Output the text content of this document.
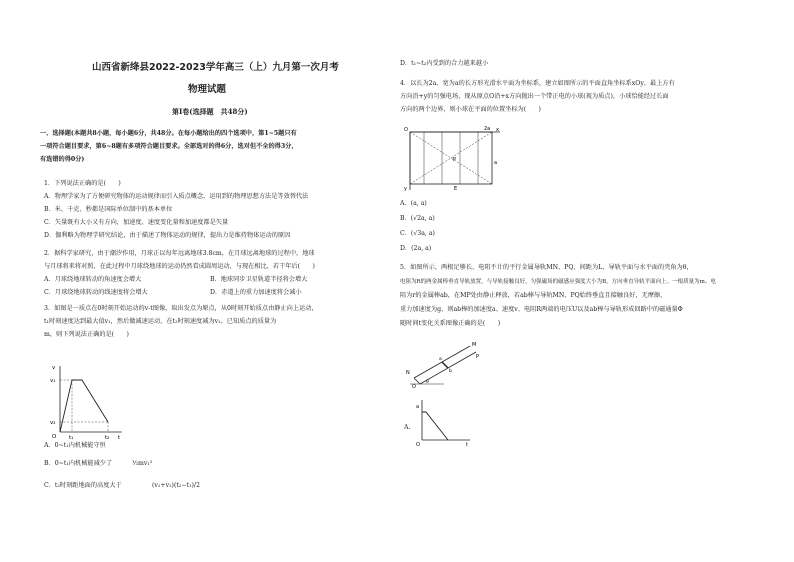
山西省新绛县2022-2023学年高三（上）九月第一次月考
物理试题
第Ⅰ卷(选择题　共48分)
一、选择题(本题共8小题，每小题6分，共48分。在每小题给出的四个选项中，第1~5题只有
一项符合题目要求，第6~8题有多项符合题目要求。全部选对的得6分，选对但不全的得3分，
有选错的得0分)
1．下列说法正确的是(　　)
A．物理学家为了方便研究物体的运动规律而引入质点概念，运用到的物理思想方法是等效替代法
B．米、千克、秒都是国际单位制中的基本单位
C．矢量既有大小又有方向，加速度、速度变化量和加速度都是矢量
D．伽利略为物理学研究结论，由于描述了物体运动的规律，提出力是维持物体运动的原因
2．据科学家研究，由于潮汐作用，月球正以每年远离地球3.8cm，在月球远离地球的过程中，地球
与月球将来将对照，在此过程中月球绕地球的运动仍然看成圆周运动，与现在相比，若干年后(　　)
A．月球绕地球转动的角速度会增大	B．地球同步卫星轨道半径将会增大
C．月球绕地球转动的线速度将会增大	D．赤道上的重力加速度将会减小
3．如图是一质点在0时刻开始运动的v-t图像，取出发点为原点，从0时刻开始质点由静止向上运动，
t₁时刻速度达到最大值v₁，然后做减速运动，在t₂时刻速度减为v₂。已知质点的质量为
m，则下列说法正确的是(　　)
v
v₁
v₂
O t₁	t₂ t
A．0~t₁内机械能守恒
B．0~t₁内机械能减少了	½mv₁²
C．t₂时刻距地面的高度大于	(v₁+v₂)(t₂−t₁)/2
D．t₁~t₂内受到的合力越来越小
4．以长为2a、宽为a的长方形光滑水平面为坐标系，建立如图所示的平面直角坐标系xOy，最上方有
方向沿+y的匀强电场，现从原点O沿+x方向抛出一个带正电的小球(视为质点)，小球恰能经过长面
方向的两个边界，则小球在平面的位置坐标为(　　)
O	x
y
P
2a
a
E
A．(a, a)
B．(√2a, a)
C．(√3a, a)
D．(2a, a)
5．如图所示，两根足够长、电阻不计的平行金属导轨MN、PQ，间距为L，导轨平面与水平面的夹角为θ，
电阻为R的两金属棒垂直导轨放置，与导轨接触良好，匀强磁场的磁感应强度大小为B，方向垂直导轨平面向上。一根质量为m、电
阻为r的金属棒ab，在MP处由静止释放，若ab棒与导轨MN、PQ始终垂直且接触良好，无摩擦，
重力加速度为g，则ab棒的加速度a、速度v、电阻R两端的电压U以及ab棒与导轨形成回路中的磁通量Φ
随时间t变化关系图像正确的是(　　)
N
M
Q
P
a
b
θ
A.
a
t
O
